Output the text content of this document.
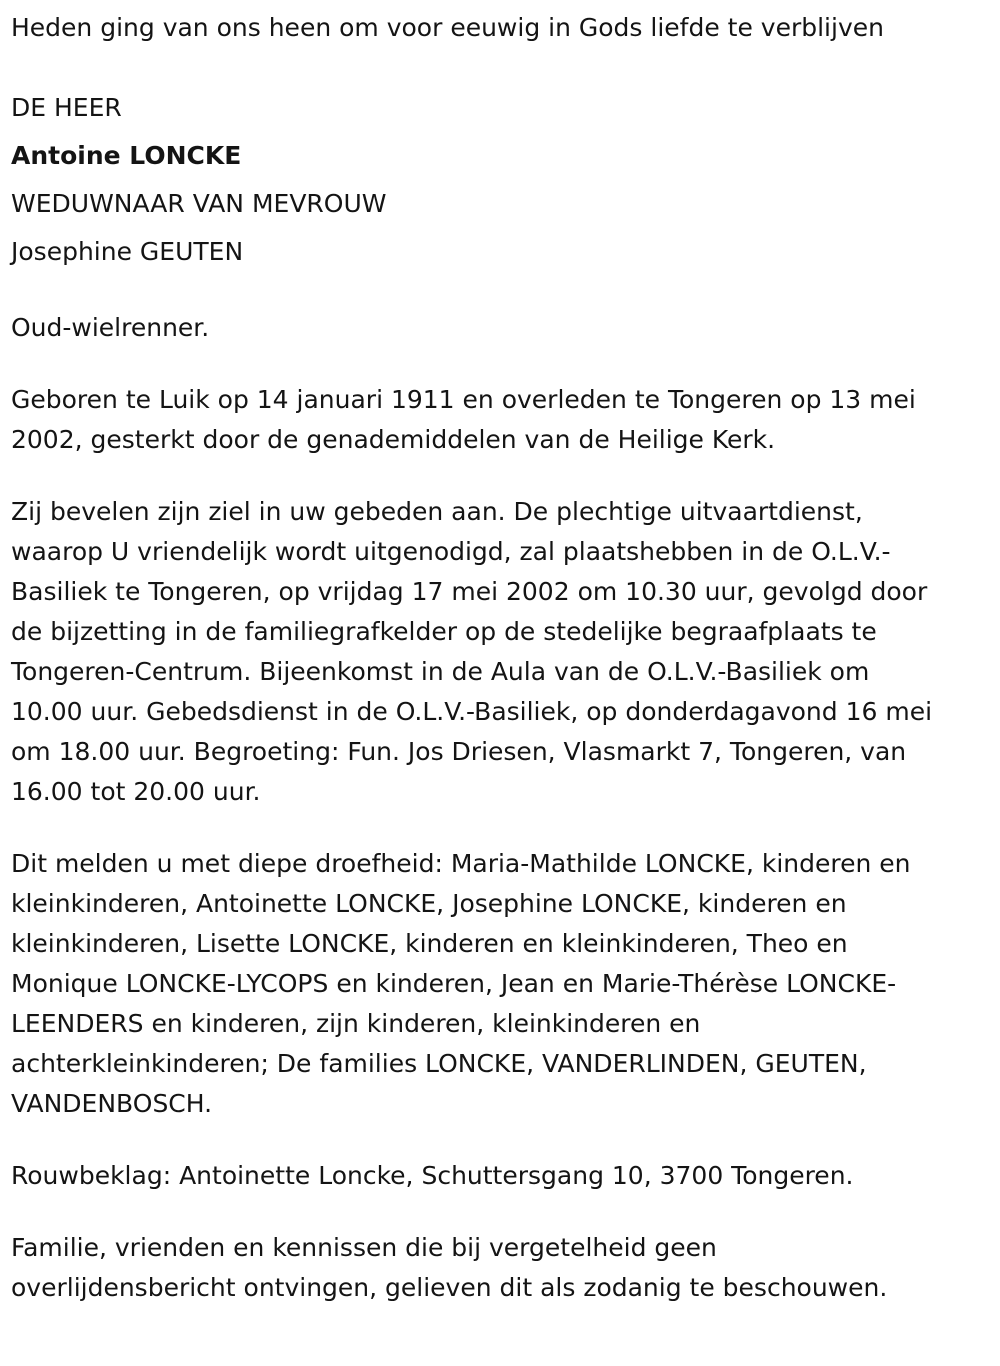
Heden ging van ons heen om voor eeuwig in Gods liefde te verblijven

DE HEER

Antoine LONCKE

WEDUWNAAR VAN MEVROUW

Josephine GEUTEN

Oud-wielrenner.

Geboren te Luik op 14 januari 1911 en overleden te Tongeren op 13 mei
2002, gesterkt door de genademiddelen van de Heilige Kerk.

Zij bevelen zijn ziel in uw gebeden aan. De plechtige uitvaartdienst,
waarop U vriendelijk wordt uitgenodigd, zal plaatshebben in de O.L.V.-
Basiliek te Tongeren, op vrijdag 17 mei 2002 om 10.30 uur, gevolgd door
de bijzetting in de familiegrafkelder op de stedelijke begraafplaats te
Tongeren-Centrum. Bijeenkomst in de Aula van de O.L.V.-Basiliek om
10.00 uur. Gebedsdienst in de O.L.V.-Basiliek, op donderdagavond 16 mei
om 18.00 uur. Begroeting: Fun. Jos Driesen, Vlasmarkt 7, Tongeren, van
16.00 tot 20.00 uur.

Dit melden u met diepe droefheid: Maria-Mathilde LONCKE, kinderen en
kleinkinderen, Antoinette LONCKE, Josephine LONCKE, kinderen en
kleinkinderen, Lisette LONCKE, kinderen en kleinkinderen, Theo en
Monique LONCKE-LYCOPS en kinderen, Jean en Marie-Thérèse LONCKE-
LEENDERS en kinderen, zijn kinderen, kleinkinderen en
achterkleinkinderen; De families LONCKE, VANDERLINDEN, GEUTEN,
VANDENBOSCH.

Rouwbeklag: Antoinette Loncke, Schuttersgang 10, 3700 Tongeren.

Familie, vrienden en kennissen die bij vergetelheid geen
overlijdensbericht ontvingen, gelieven dit als zodanig te beschouwen.
